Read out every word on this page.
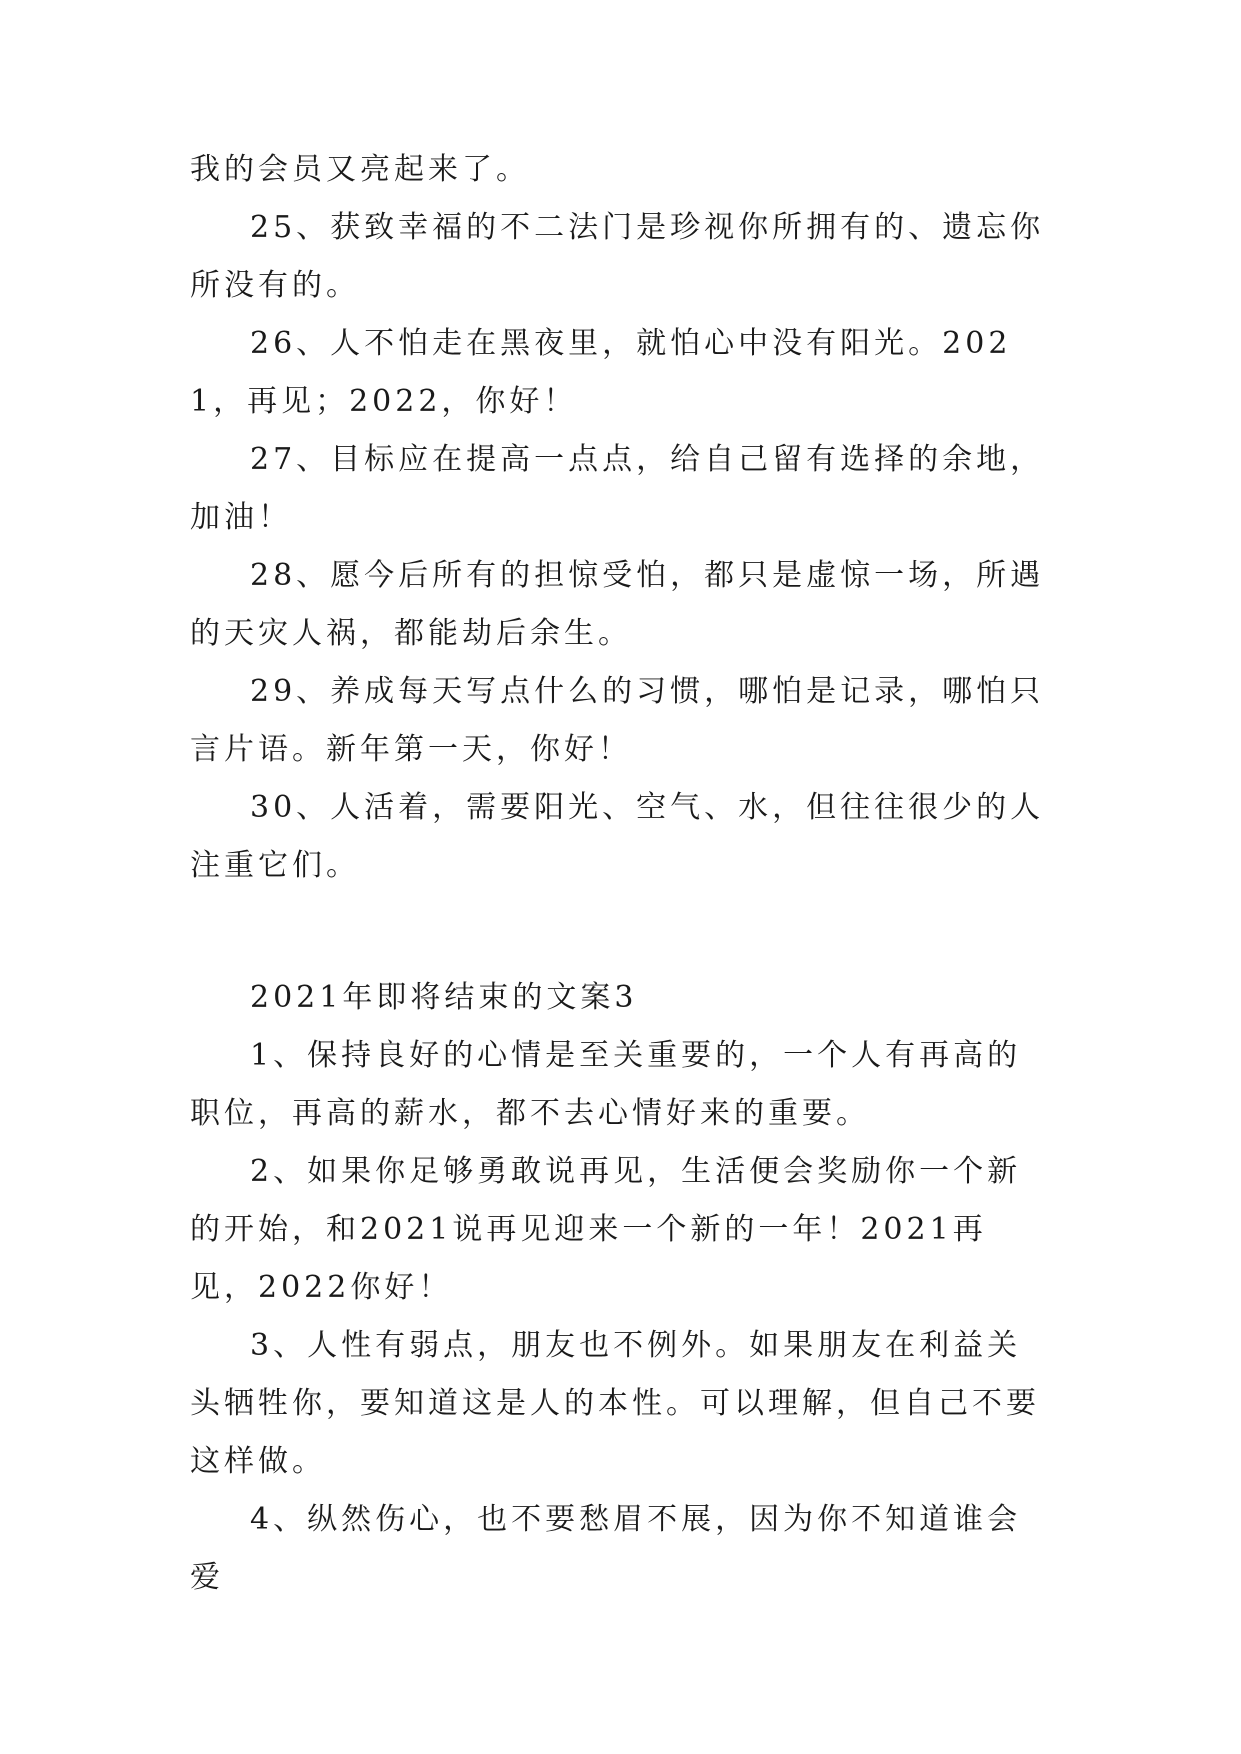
我的会员又亮起来了。
25、获致幸福的不二法门是珍视你所拥有的、遗忘你所没有的。
26、人不怕走在黑夜里，就怕心中没有阳光。2021，再见；2022，你好！
27、目标应在提高一点点，给自己留有选择的余地，加油！
28、愿今后所有的担惊受怕，都只是虚惊一场，所遇的天灾人祸，都能劫后余生。
29、养成每天写点什么的习惯，哪怕是记录，哪怕只言片语。新年第一天，你好！
30、人活着，需要阳光、空气、水，但往往很少的人注重它们。
2021年即将结束的文案3
1、保持良好的心情是至关重要的，一个人有再高的职位，再高的薪水，都不去心情好来的重要。
2、如果你足够勇敢说再见，生活便会奖励你一个新的开始，和2021说再见迎来一个新的一年！2021再见，2022你好！
3、人性有弱点，朋友也不例外。如果朋友在利益关头牺牲你，要知道这是人的本性。可以理解，但自己不要这样做。
4、纵然伤心，也不要愁眉不展，因为你不知道谁会爱
